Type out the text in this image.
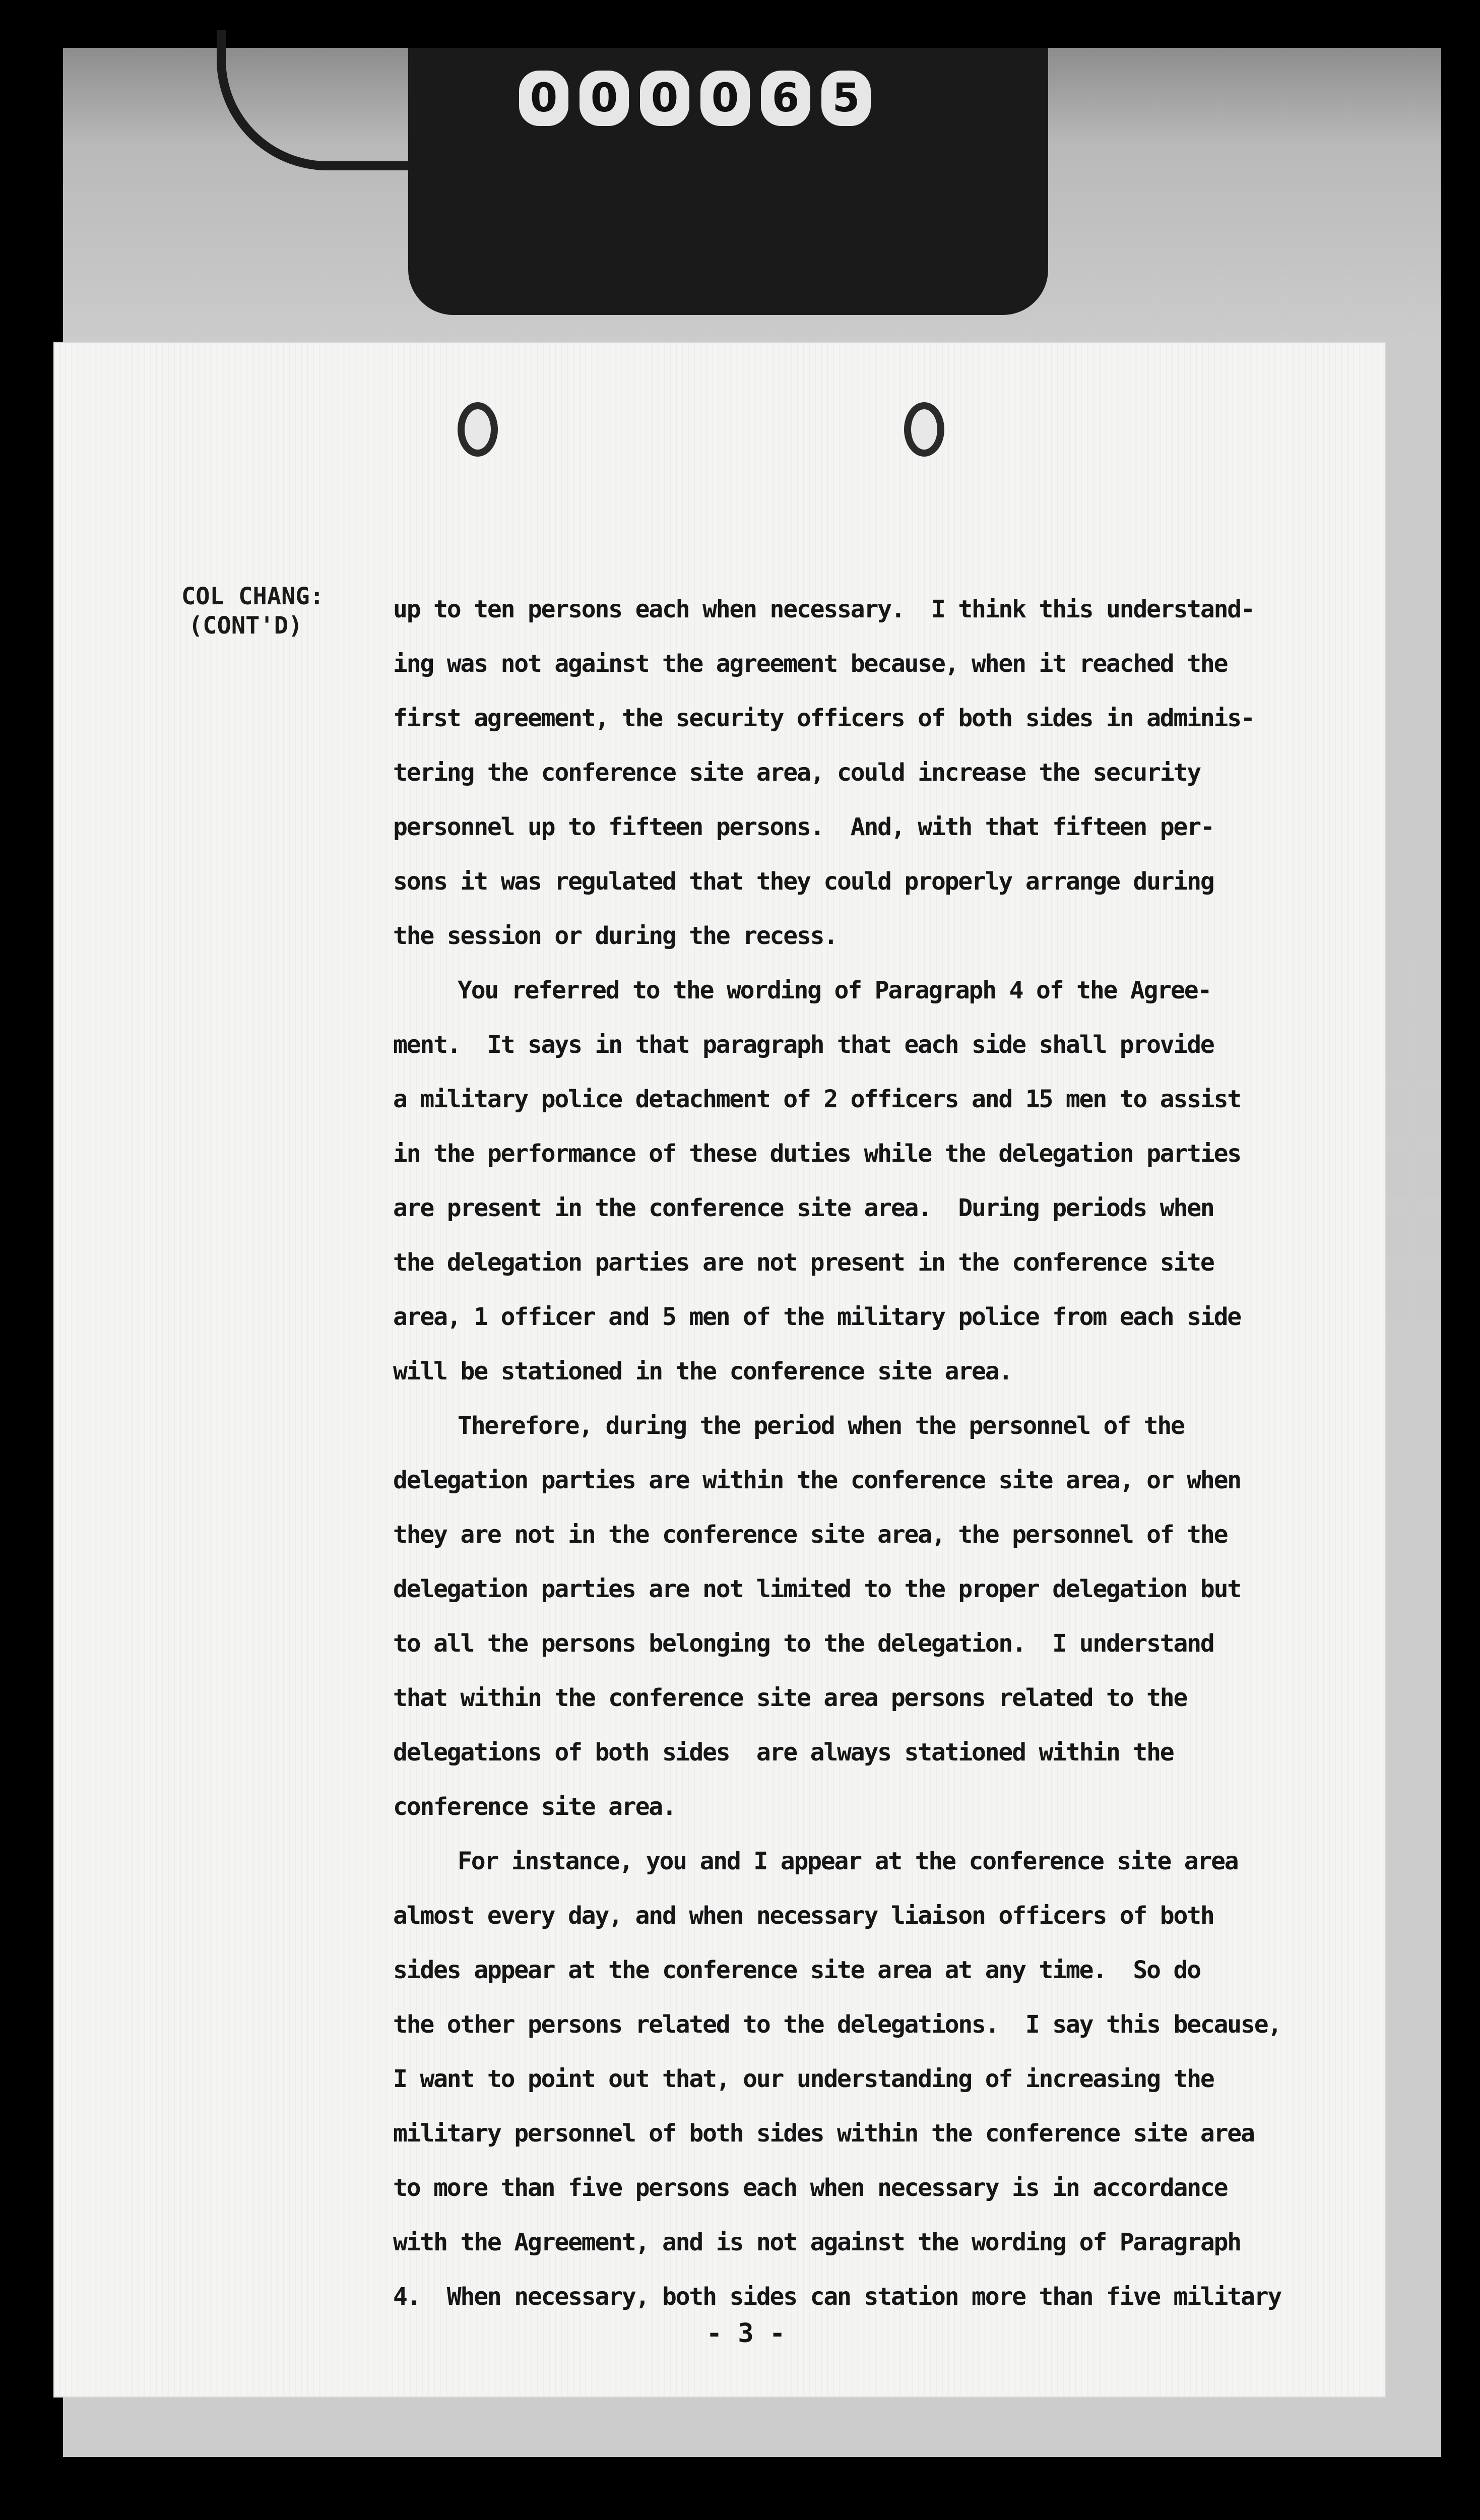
0 0 0 0 6 5
COL CHANG:
(CONT'D)
up to ten persons each when necessary.  I think this understand-
ing was not against the agreement because, when it reached the
first agreement, the security officers of both sides in adminis-
tering the conference site area, could increase the security
personnel up to fifteen persons.  And, with that fifteen per-
sons it was regulated that they could properly arrange during
the session or during the recess.
You referred to the wording of Paragraph 4 of the Agree-
ment.  It says in that paragraph that each side shall provide
a military police detachment of 2 officers and 15 men to assist
in the performance of these duties while the delegation parties
are present in the conference site area.  During periods when
the delegation parties are not present in the conference site
area, 1 officer and 5 men of the military police from each side
will be stationed in the conference site area.
Therefore, during the period when the personnel of the
delegation parties are within the conference site area, or when
they are not in the conference site area, the personnel of the
delegation parties are not limited to the proper delegation but
to all the persons belonging to the delegation.  I understand
that within the conference site area persons related to the
delegations of both sides  are always stationed within the
conference site area.
For instance, you and I appear at the conference site area
almost every day, and when necessary liaison officers of both
sides appear at the conference site area at any time.  So do
the other persons related to the delegations.  I say this because,
I want to point out that, our understanding of increasing the
military personnel of both sides within the conference site area
to more than five persons each when necessary is in accordance
with the Agreement, and is not against the wording of Paragraph
4.  When necessary, both sides can station more than five military
- 3 -
